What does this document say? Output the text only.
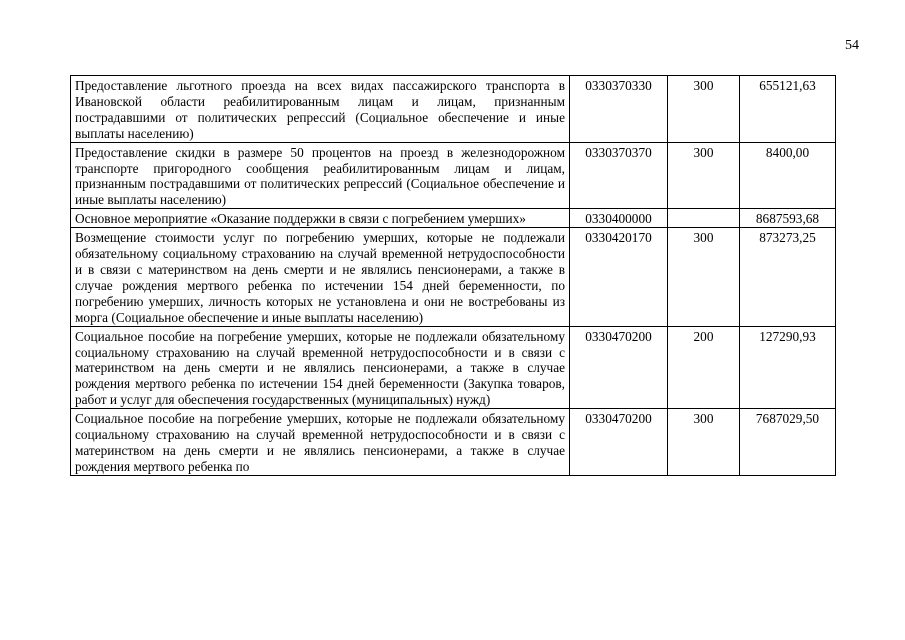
54
Предоставление льготного проезда на всех видах пассажирского транспорта в Ивановской области реабилитированным лицам и лицам, признанным пострадавшими от политических репрессий (Социальное обеспечение и иные выплаты населению)	0330370330	300	655121,63
Предоставление скидки в размере 50 процентов на проезд в железнодорожном транспорте пригородного сообщения реабилитированным лицам и лицам, признанным пострадавшими от политических репрессий (Социальное обеспечение и иные выплаты населению)	0330370370	300	8400,00
Основное мероприятие «Оказание поддержки в связи с погребением умерших»	0330400000		8687593,68
Возмещение стоимости услуг по погребению умерших, которые не подлежали обязательному социальному страхованию на случай временной нетрудоспособности и в связи с материнством на день смерти и не являлись пенсионерами, а также в случае рождения мертвого ребенка по истечении 154 дней беременности, по погребению умерших, личность которых не установлена и они не востребованы из морга (Социальное обеспечение и иные выплаты населению)	0330420170	300	873273,25
Социальное пособие на погребение умерших, которые не подлежали обязательному социальному страхованию на случай временной нетрудоспособности и в связи с материнством на день смерти и не являлись пенсионерами, а также в случае рождения мертвого ребенка по истечении 154 дней беременности (Закупка товаров, работ и услуг для обеспечения государственных (муниципальных) нужд)	0330470200	200	127290,93
Социальное пособие на погребение умерших, которые не подлежали обязательному социальному страхованию на случай временной нетрудоспособности и в связи с материнством на день смерти и не являлись пенсионерами, а также в случае рождения мертвого ребенка по	0330470200	300	7687029,50
